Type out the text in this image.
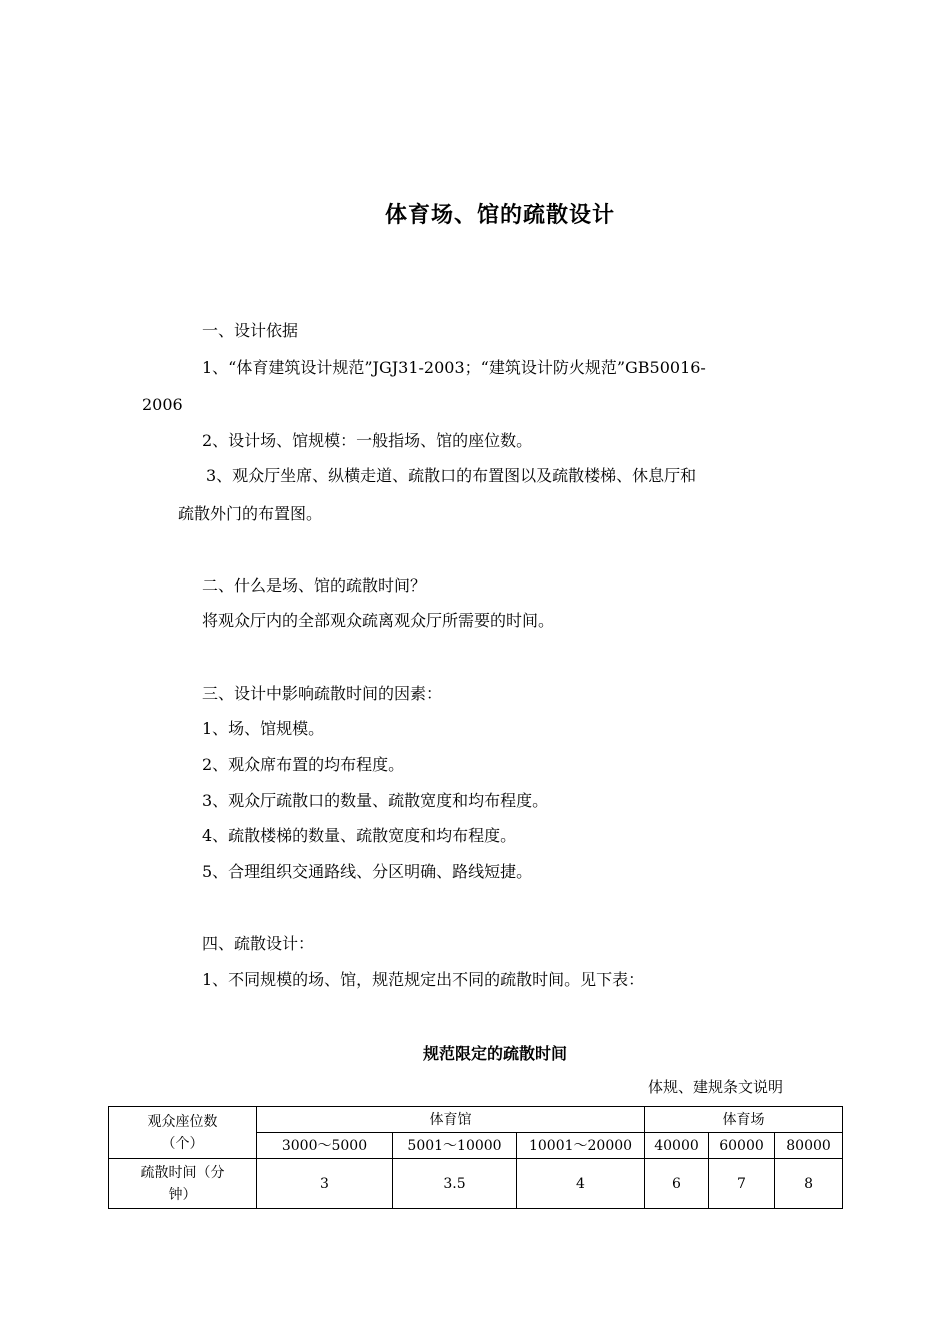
体育场、馆的疏散设计
一、设计依据
1、“体育建筑设计规范”JGJ31-2003；“建筑设计防火规范”GB50016-
2006
2、设计场、馆规模：一般指场、馆的座位数。
3、观众厅坐席、纵横走道、疏散口的布置图以及疏散楼梯、休息厅和
疏散外门的布置图。
二、什么是场、馆的疏散时间？
将观众厅内的全部观众疏离观众厅所需要的时间。
三、设计中影响疏散时间的因素：
1、场、馆规模。
2、观众席布置的均布程度。
3、观众厅疏散口的数量、疏散宽度和均布程度。
4、疏散楼梯的数量、疏散宽度和均布程度。
5、合理组织交通路线、分区明确、路线短捷。
四、疏散设计：
1、不同规模的场、馆，规范规定出不同的疏散时间。见下表：
规范限定的疏散时间
体规、建规条文说明
观众座位数
（个）	体育馆			体育场		
	3000～5000	5001～10000	10001～20000	40000	60000	80000

疏散时间（分
钟）	3	3.5	4	6	7	8
